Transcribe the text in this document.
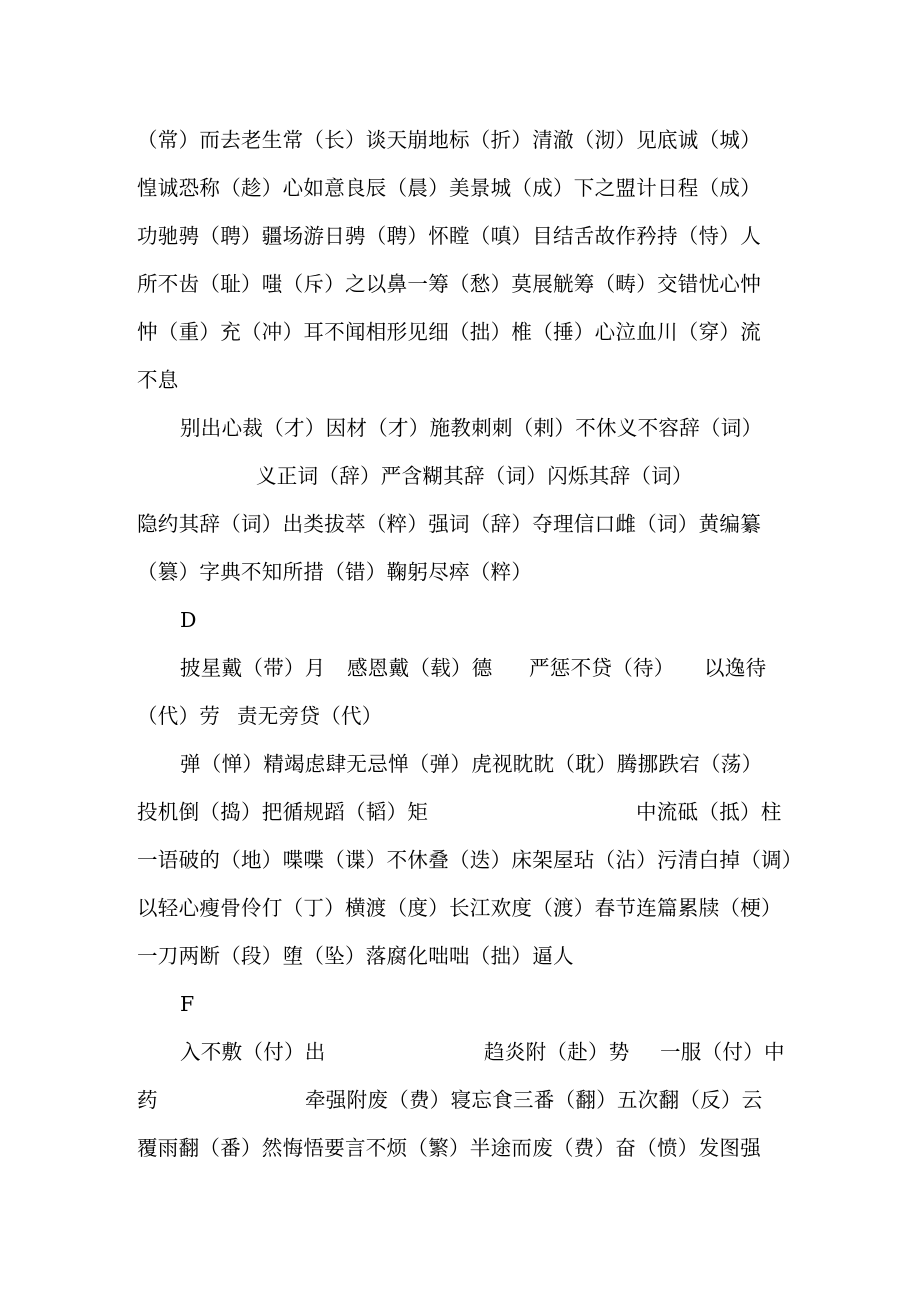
（常）而去老生常（长）谈天崩地标（折）清澈（沏）见底诚（城）
惶诚恐称（趁）心如意良辰（晨）美景城（成）下之盟计日程（成）
功驰骋（聘）疆场游日骋（聘）怀瞠（嗔）目结舌故作矜持（恃）人
所不齿（耻）嗤（斥）之以鼻一筹（愁）莫展觥筹（畴）交错忧心忡
忡（重）充（冲）耳不闻相形见细（拙）椎（捶）心泣血川（穿）流
不息
别出心裁（才）因材（才）施教刺刺（剌）不休义不容辞（词）
义正词（辞）严含糊其辞（词）闪烁其辞（词）
隐约其辞（词）出类拔萃（粹）强词（辞）夺理信口雌（词）黄编纂
（篡）字典不知所措（错）鞠躬尽瘁（粹）
D
披星戴（带）月 感恩戴（载）德 严惩不贷（待） 以逸待
（代）劳 责无旁贷（代）
弹（惮）精竭虑肆无忌惮（弹）虎视眈眈（耽）腾挪跌宕（荡）
投机倒（捣）把循规蹈（韬）矩	中流砥（抵）柱
一语破的（地）喋喋（谍）不休叠（迭）床架屋玷（沾）污清白掉（调）
以轻心瘦骨伶仃（丁）横渡（度）长江欢度（渡）春节连篇累牍（梗）
一刀两断（段）堕（坠）落腐化咄咄（拙）逼人
F
入不敷（付）出	趋炎附（赴）势 一服（付）中
药	牵强附废（费）寝忘食三番（翻）五次翻（反）云
覆雨翻（番）然悔悟要言不烦（繁）半途而废（费）奋（愤）发图强
